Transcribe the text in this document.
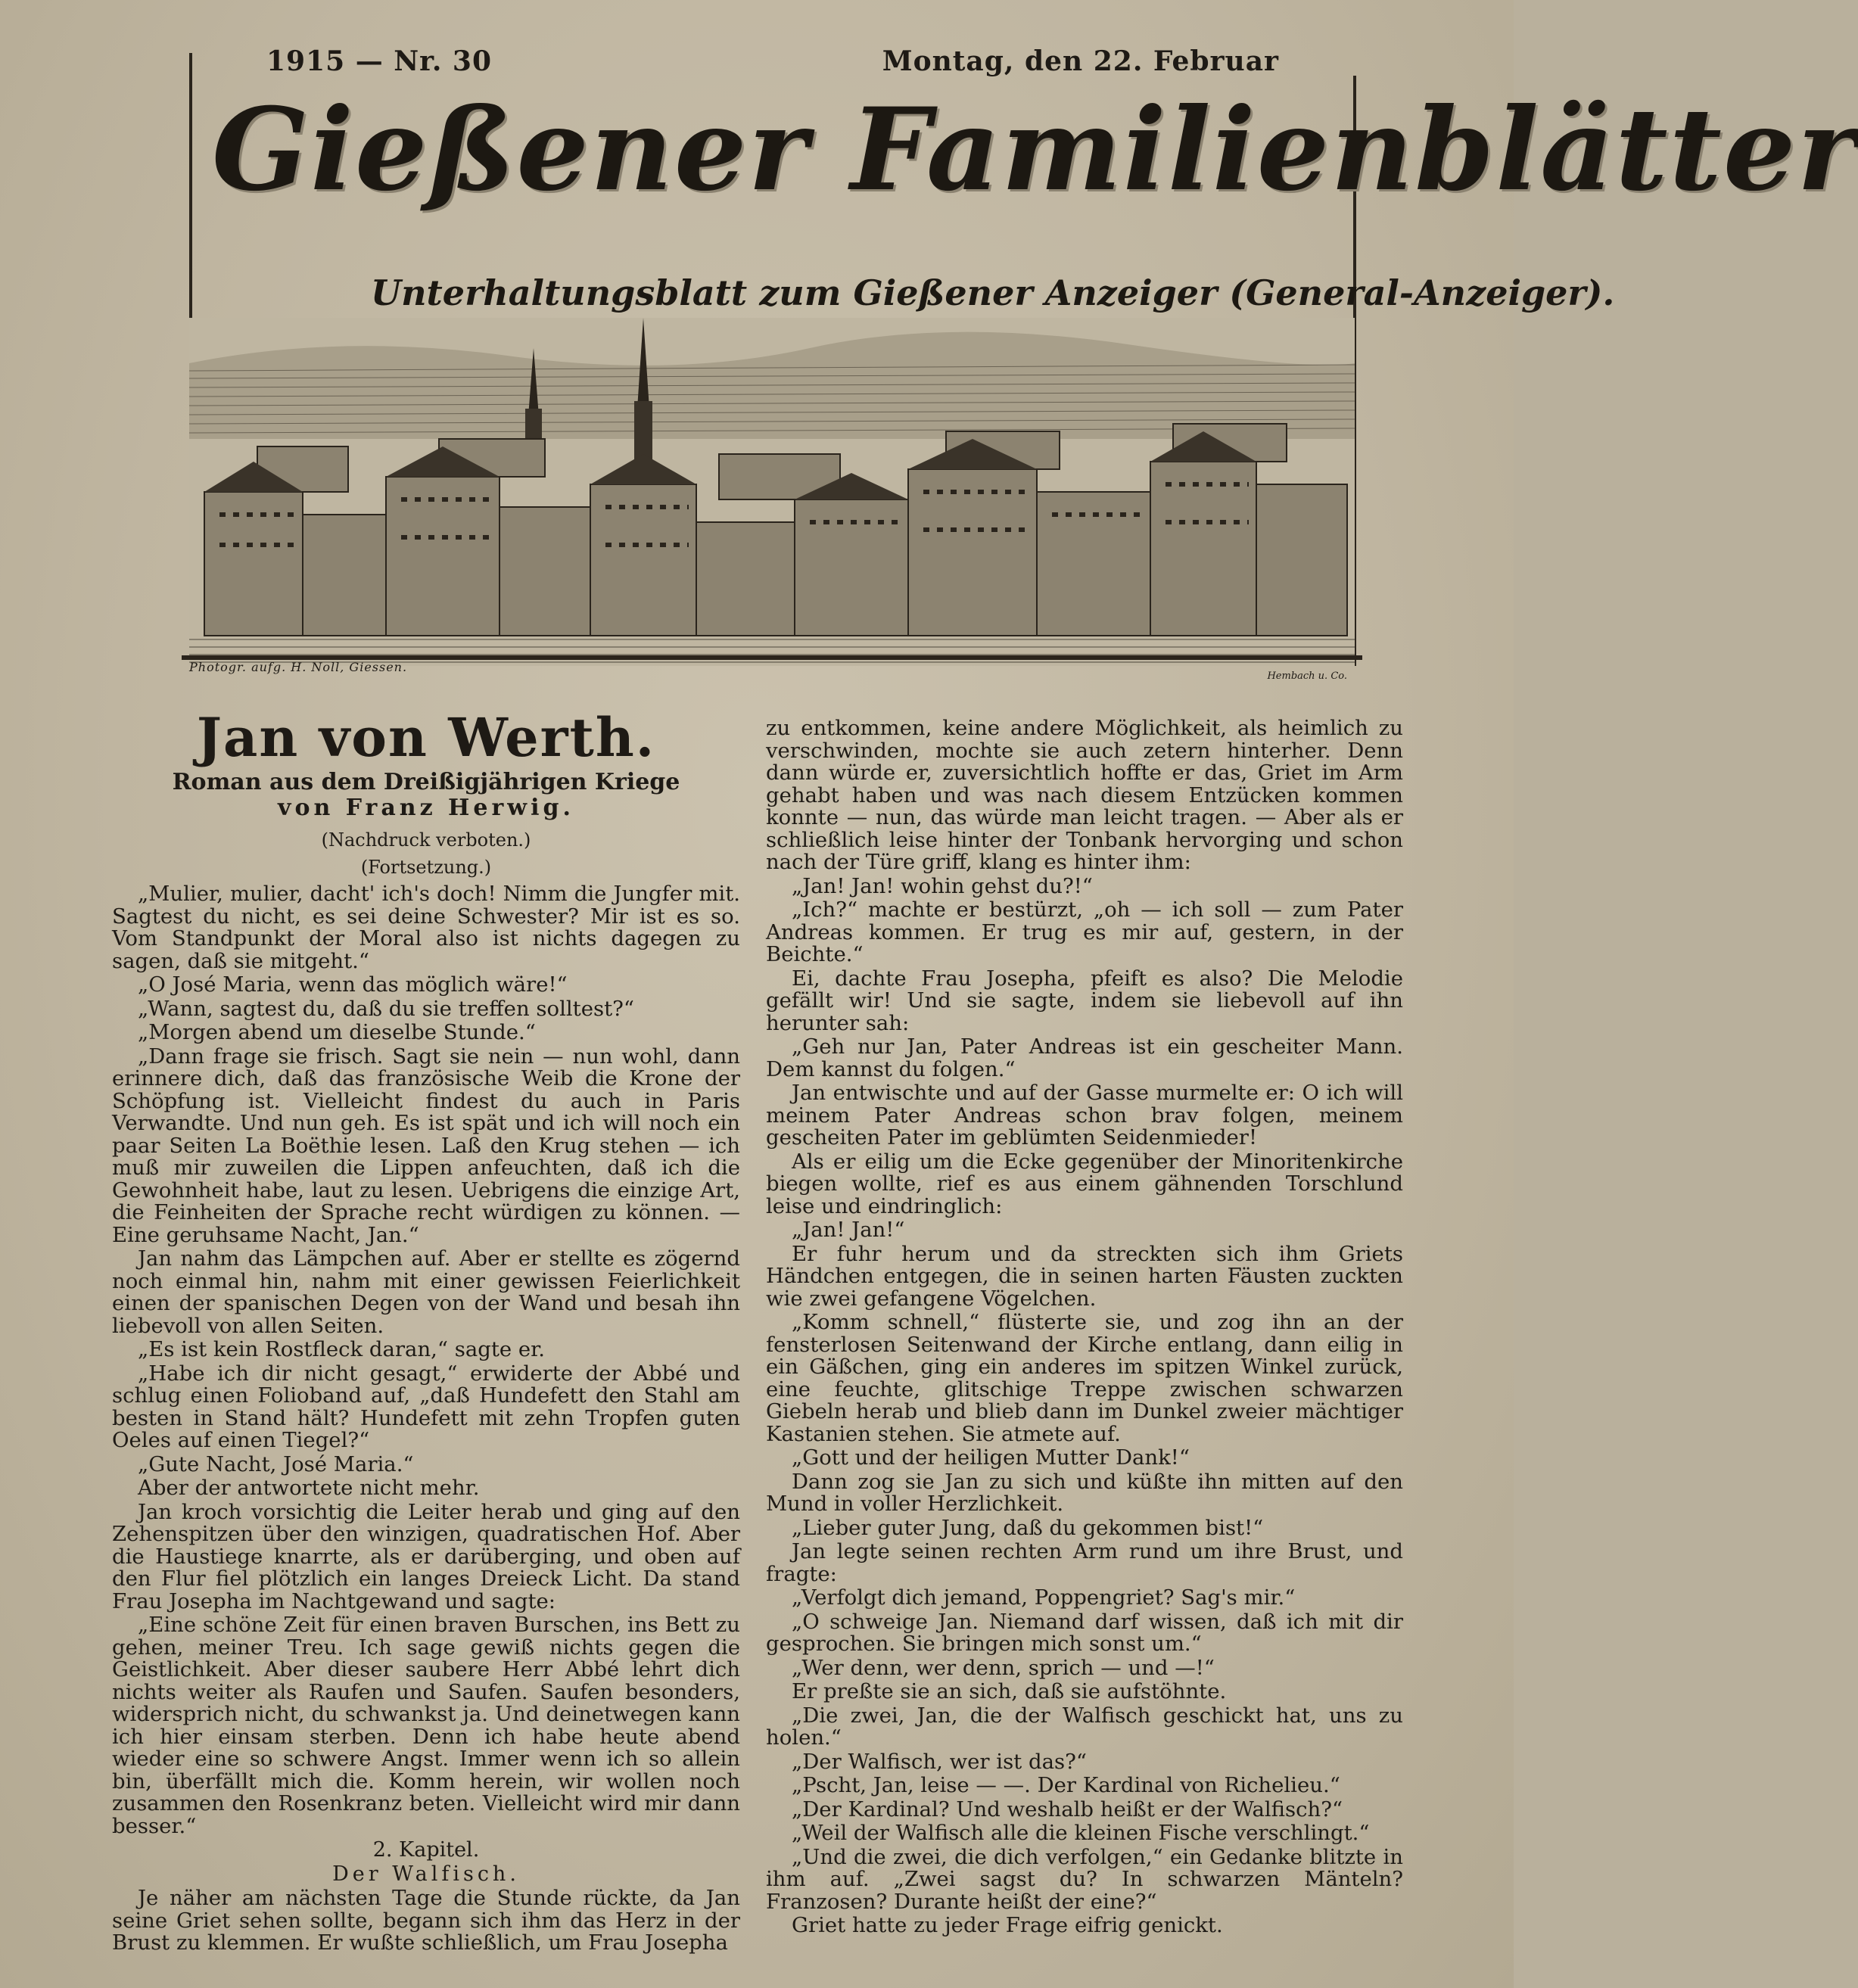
1915 — Nr. 30	Montag, den 22. Februar
Gießener Familienblätter
Unterhaltungsblatt zum Gießener Anzeiger (General-Anzeiger).
Photogr. aufg. H. Noll, Giessen.
Hembach u. Co.
Jan von Werth.
Roman aus dem Dreißigjährigen Kriege
von Franz Herwig.
(Nachdruck verboten.)
(Fortsetzung.)

„Mulier, mulier, dacht' ich's doch! Nimm die Jungfer mit. Sagtest du nicht, es sei deine Schwester? Mir ist es so. Vom Standpunkt der Moral also ist nichts dagegen zu sagen, daß sie mitgeht.“

„O José Maria, wenn das möglich wäre!“

„Wann, sagtest du, daß du sie treffen solltest?“

„Morgen abend um dieselbe Stunde.“

„Dann frage sie frisch. Sagt sie nein — nun wohl, dann erinnere dich, daß das französische Weib die Krone der Schöpfung ist. Vielleicht findest du auch in Paris Verwandte. Und nun geh. Es ist spät und ich will noch ein paar Seiten La Boëthie lesen. Laß den Krug stehen — ich muß mir zuweilen die Lippen anfeuchten, daß ich die Gewohnheit habe, laut zu lesen. Uebrigens die einzige Art, die Feinheiten der Sprache recht würdigen zu können. — Eine geruhsame Nacht, Jan.“

Jan nahm das Lämpchen auf. Aber er stellte es zögernd noch einmal hin, nahm mit einer gewissen Feierlichkeit einen der spanischen Degen von der Wand und besah ihn liebevoll von allen Seiten.

„Es ist kein Rostfleck daran,“ sagte er.

„Habe ich dir nicht gesagt,“ erwiderte der Abbé und schlug einen Folioband auf, „daß Hundefett den Stahl am besten in Stand hält? Hundefett mit zehn Tropfen guten Oeles auf einen Tiegel?“

„Gute Nacht, José Maria.“

Aber der antwortete nicht mehr.

Jan kroch vorsichtig die Leiter herab und ging auf den Zehenspitzen über den winzigen, quadratischen Hof. Aber die Haustiege knarrte, als er darüberging, und oben auf den Flur fiel plötzlich ein langes Dreieck Licht. Da stand Frau Josepha im Nachtgewand und sagte:

„Eine schöne Zeit für einen braven Burschen, ins Bett zu gehen, meiner Treu. Ich sage gewiß nichts gegen die Geistlichkeit. Aber dieser saubere Herr Abbé lehrt dich nichts weiter als Raufen und Saufen. Saufen besonders, widersprich nicht, du schwankst ja. Und deinetwegen kann ich hier einsam sterben. Denn ich habe heute abend wieder eine so schwere Angst. Immer wenn ich so allein bin, überfällt mich die. Komm herein, wir wollen noch zusammen den Rosenkranz beten. Vielleicht wird mir dann besser.“

2. Kapitel.

Der Walfisch.

Je näher am nächsten Tage die Stunde rückte, da Jan seine Griet sehen sollte, begann sich ihm das Herz in der Brust zu klemmen. Er wußte schließlich, um Frau Josepha

zu entkommen, keine andere Möglichkeit, als heimlich zu verschwinden, mochte sie auch zetern hinterher. Denn dann würde er, zuversichtlich hoffte er das, Griet im Arm gehabt haben und was nach diesem Entzücken kommen konnte — nun, das würde man leicht tragen. — Aber als er schließlich leise hinter der Tonbank hervorging und schon nach der Türe griff, klang es hinter ihm:

„Jan! Jan! wohin gehst du?!“

„Ich?“ machte er bestürzt, „oh — ich soll — zum Pater Andreas kommen. Er trug es mir auf, gestern, in der Beichte.“

Ei, dachte Frau Josepha, pfeift es also? Die Melodie gefällt wir! Und sie sagte, indem sie liebevoll auf ihn herunter sah:

„Geh nur Jan, Pater Andreas ist ein gescheiter Mann. Dem kannst du folgen.“

Jan entwischte und auf der Gasse murmelte er: O ich will meinem Pater Andreas schon brav folgen, meinem gescheiten Pater im geblümten Seidenmieder!

Als er eilig um die Ecke gegenüber der Minoritenkirche biegen wollte, rief es aus einem gähnenden Torschlund leise und eindringlich:

„Jan! Jan!“

Er fuhr herum und da streckten sich ihm Griets Händchen entgegen, die in seinen harten Fäusten zuckten wie zwei gefangene Vögelchen.

„Komm schnell,“ flüsterte sie, und zog ihn an der fensterlosen Seitenwand der Kirche entlang, dann eilig in ein Gäßchen, ging ein anderes im spitzen Winkel zurück, eine feuchte, glitschige Treppe zwischen schwarzen Giebeln herab und blieb dann im Dunkel zweier mächtiger Kastanien stehen. Sie atmete auf.

„Gott und der heiligen Mutter Dank!“

Dann zog sie Jan zu sich und küßte ihn mitten auf den Mund in voller Herzlichkeit.

„Lieber guter Jung, daß du gekommen bist!“

Jan legte seinen rechten Arm rund um ihre Brust, und fragte:

„Verfolgt dich jemand, Poppengriet? Sag's mir.“

„O schweige Jan. Niemand darf wissen, daß ich mit dir gesprochen. Sie bringen mich sonst um.“

„Wer denn, wer denn, sprich — und —!“

Er preßte sie an sich, daß sie aufstöhnte.

„Die zwei, Jan, die der Walfisch geschickt hat, uns zu holen.“

„Der Walfisch, wer ist das?“

„Pscht, Jan, leise — —. Der Kardinal von Richelieu.“

„Der Kardinal? Und weshalb heißt er der Walfisch?“

„Weil der Walfisch alle die kleinen Fische verschlingt.“

„Und die zwei, die dich verfolgen,“ ein Gedanke blitzte in ihm auf. „Zwei sagst du? In schwarzen Mänteln? Franzosen? Durante heißt der eine?“

Griet hatte zu jeder Frage eifrig genickt.
